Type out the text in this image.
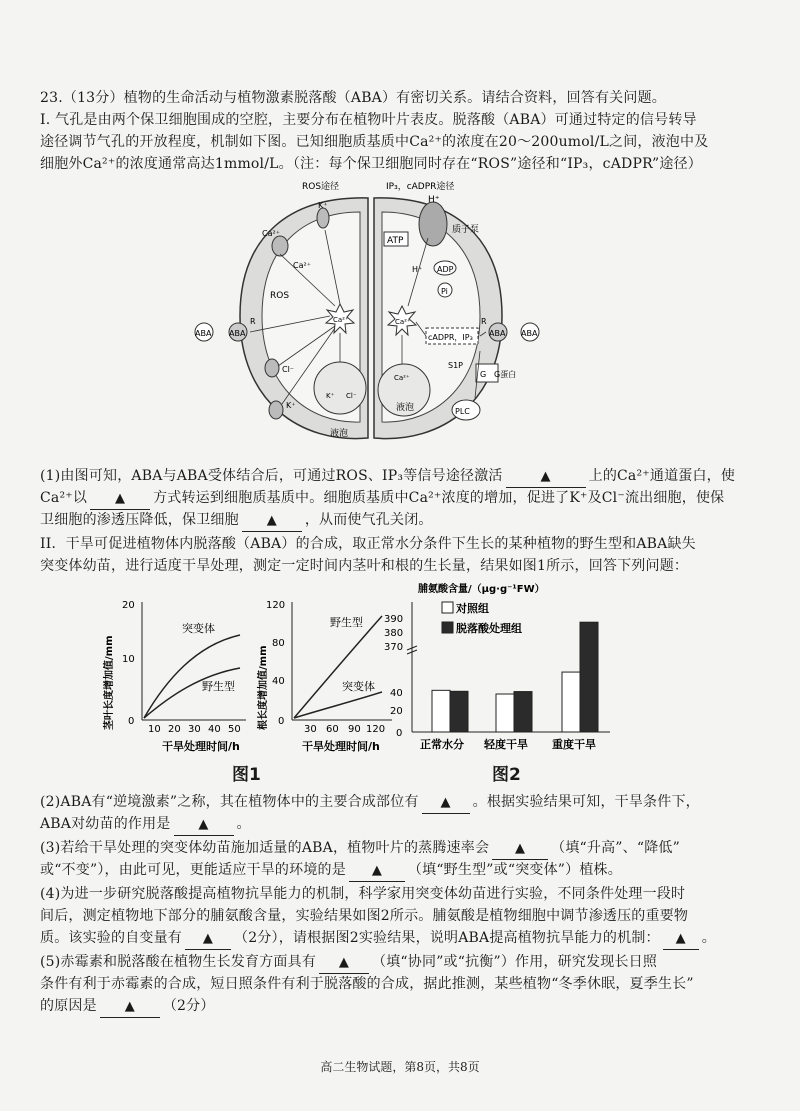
23.（13分）植物的生命活动与植物激素脱落酸（ABA）有密切关系。请结合资料，回答有关问题。
I. 气孔是由两个保卫细胞围成的空腔，主要分布在植物叶片表皮。脱落酸（ABA）可通过特定的信号转导
途径调节气孔的开放程度，机制如下图。已知细胞质基质中Ca²⁺的浓度在20～200umol/L之间，液泡中及
细胞外Ca²⁺的浓度通常高达1mmol/L。（注：每个保卫细胞同时存在“ROS”途径和“IP₃，cADPR”途径）
ROS途径	IP₃，cADPR途径
H⁺
质子泵
ATP
ADP
Pi
H⁺
K⁺
Ca²⁺
Ca²⁺
ROS
Ca²⁺	Ca²⁺
ABA ABA
R
ABA
ABA
R
cADPR，IP₃
液泡
液泡
Ca²⁺
Cl⁻
K⁺
K⁺ Cl⁻
S1P
G G蛋白
PLC
(1)由图可知，ABA与ABA受体结合后，可通过ROS、IP₃等信号途径激活	▲	上的Ca²⁺通道蛋白，使
Ca²⁺以 ▲ 方式转运到细胞质基质中。细胞质基质中Ca²⁺浓度的增加，促进了K⁺及Cl⁻流出细胞，使保
卫细胞的渗透压降低，保卫细胞 ▲ ，从而使气孔关闭。
II．干旱可促进植物体内脱落酸（ABA）的合成，取正常水分条件下生长的某种植物的野生型和ABA缺失
突变体幼苗，进行适度干旱处理，测定一定时间内茎叶和根的生长量，结果如图1所示，回答下列问题：
茎叶长度增加值/mm
20
10
0
10 20 30 40 50
突变体
野生型
干旱处理时间/h
根长度增加值/mm
120
80
40
0
30 60 90 120
野生型
突变体
干旱处理时间/h
脯氨酸含量/（μg·g⁻¹FW）
390
380
370
40
20
0
对照组
脱落酸处理组
正常水分 轻度干旱 重度干旱
图1	图2
(2)ABA有“逆境激素”之称，其在植物体中的主要合成部位有 ▲ 。根据实验结果可知，干旱条件下，
ABA对幼苗的作用是 ▲ 。
(3)若给干旱处理的突变体幼苗施加适量的ABA，植物叶片的蒸腾速率会 ▲ （填“升高”、“降低”
或“不变”），由此可见，更能适应干旱的环境的是 ▲ （填“野生型”或“突变体”）植株。
(4)为进一步研究脱落酸提高植物抗旱能力的机制，科学家用突变体幼苗进行实验，不同条件处理一段时
间后，测定植物地下部分的脯氨酸含量，实验结果如图2所示。脯氨酸是植物细胞中调节渗透压的重要物
质。该实验的自变量有 ▲ （2分），请根据图2实验结果，说明ABA提高植物抗旱能力的机制： ▲ 。
(5)赤霉素和脱落酸在植物生长发育方面具有 ▲ （填“协同”或“抗衡”）作用，研究发现长日照
条件有利于赤霉素的合成，短日照条件有利于脱落酸的合成，据此推测，某些植物“冬季休眠，夏季生长”
的原因是 ▲ （2分）
高二生物试题，第8页，共8页
